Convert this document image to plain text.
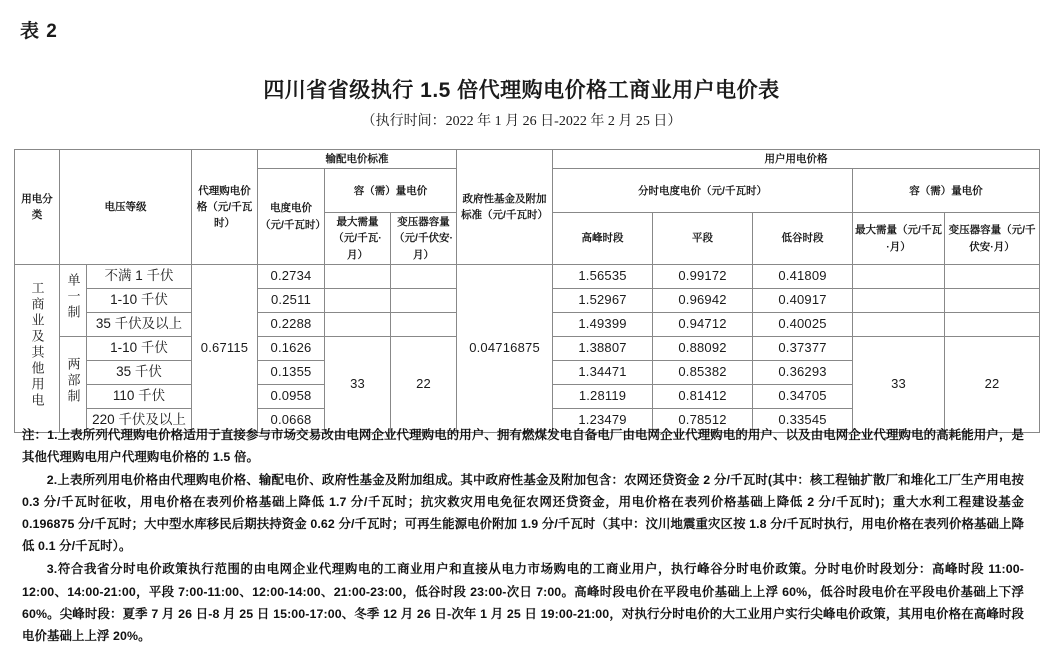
表 2
四川省省级执行 1.5 倍代理购电价格工商业用户电价表
（执行时间：2022 年 1 月 26 日-2022 年 2 月 25 日）
用电分类	电压等级		代理购电价格（元/千瓦时）	输配电价标准			政府性基金及附加标准（元/千瓦时）	用户用电价格				
				电度电价（元/千瓦时）	容（需）量电价			分时电度电价（元/千瓦时）			容（需）量电价	
					最大需量（元/千瓦·月）	变压器容量（元/千伏安·月）		高峰时段	平段	低谷时段	最大需量（元/千瓦·月）	变压器容量（元/千伏安·月）
工商业及其他用电	单一制	不满 1 千伏	0.67115	0.2734			0.04716875	1.56535	0.99172	0.41809		
		1-10 千伏		0.2511				1.52967	0.96942	0.40917		
		35 千伏及以上		0.2288				1.49399	0.94712	0.40025		
	两部制	1-10 千伏		0.1626	33	22		1.38807	0.88092	0.37377	33	22
		35 千伏		0.1355				1.34471	0.85382	0.36293		
		110 千伏		0.0958				1.28119	0.81412	0.34705		
		220 千伏及以上		0.0668				1.23479	0.78512	0.33545		

注：1.上表所列代理购电价格适用于直接参与市场交易改由电网企业代理购电的用户、拥有燃煤发电自备电厂由电网企业代理购电的用户、以及由电网企业代理购电的高耗能用户，是其他代理购电用户代理购电价格的 1.5 倍。

2.上表所列用电价格由代理购电价格、输配电价、政府性基金及附加组成。其中政府性基金及附加包含：农网还贷资金 2 分/千瓦时(其中：核工程铀扩散厂和堆化工厂生产用电按 0.3 分/千瓦时征收，用电价格在表列价格基础上降低 1.7 分/千瓦时；抗灾救灾用电免征农网还贷资金，用电价格在表列价格基础上降低 2 分/千瓦时)；重大水利工程建设基金 0.196875 分/千瓦时；大中型水库移民后期扶持资金 0.62 分/千瓦时；可再生能源电价附加 1.9 分/千瓦时（其中：汶川地震重灾区按 1.8 分/千瓦时执行，用电价格在表列价格基础上降低 0.1 分/千瓦时）。

3.符合我省分时电价政策执行范围的由电网企业代理购电的工商业用户和直接从电力市场购电的工商业用户，执行峰谷分时电价政策。分时电价时段划分：高峰时段 11:00-12:00、14:00-21:00，平段 7:00-11:00、12:00-14:00、21:00-23:00，低谷时段 23:00-次日 7:00。高峰时段电价在平段电价基础上上浮 60%，低谷时段电价在平段电价基础上下浮 60%。尖峰时段：夏季 7 月 26 日-8 月 25 日 15:00-17:00、冬季 12 月 26 日-次年 1 月 25 日 19:00-21:00，对执行分时电价的大工业用户实行尖峰电价政策，其用电价格在高峰时段电价基础上上浮 20%。
